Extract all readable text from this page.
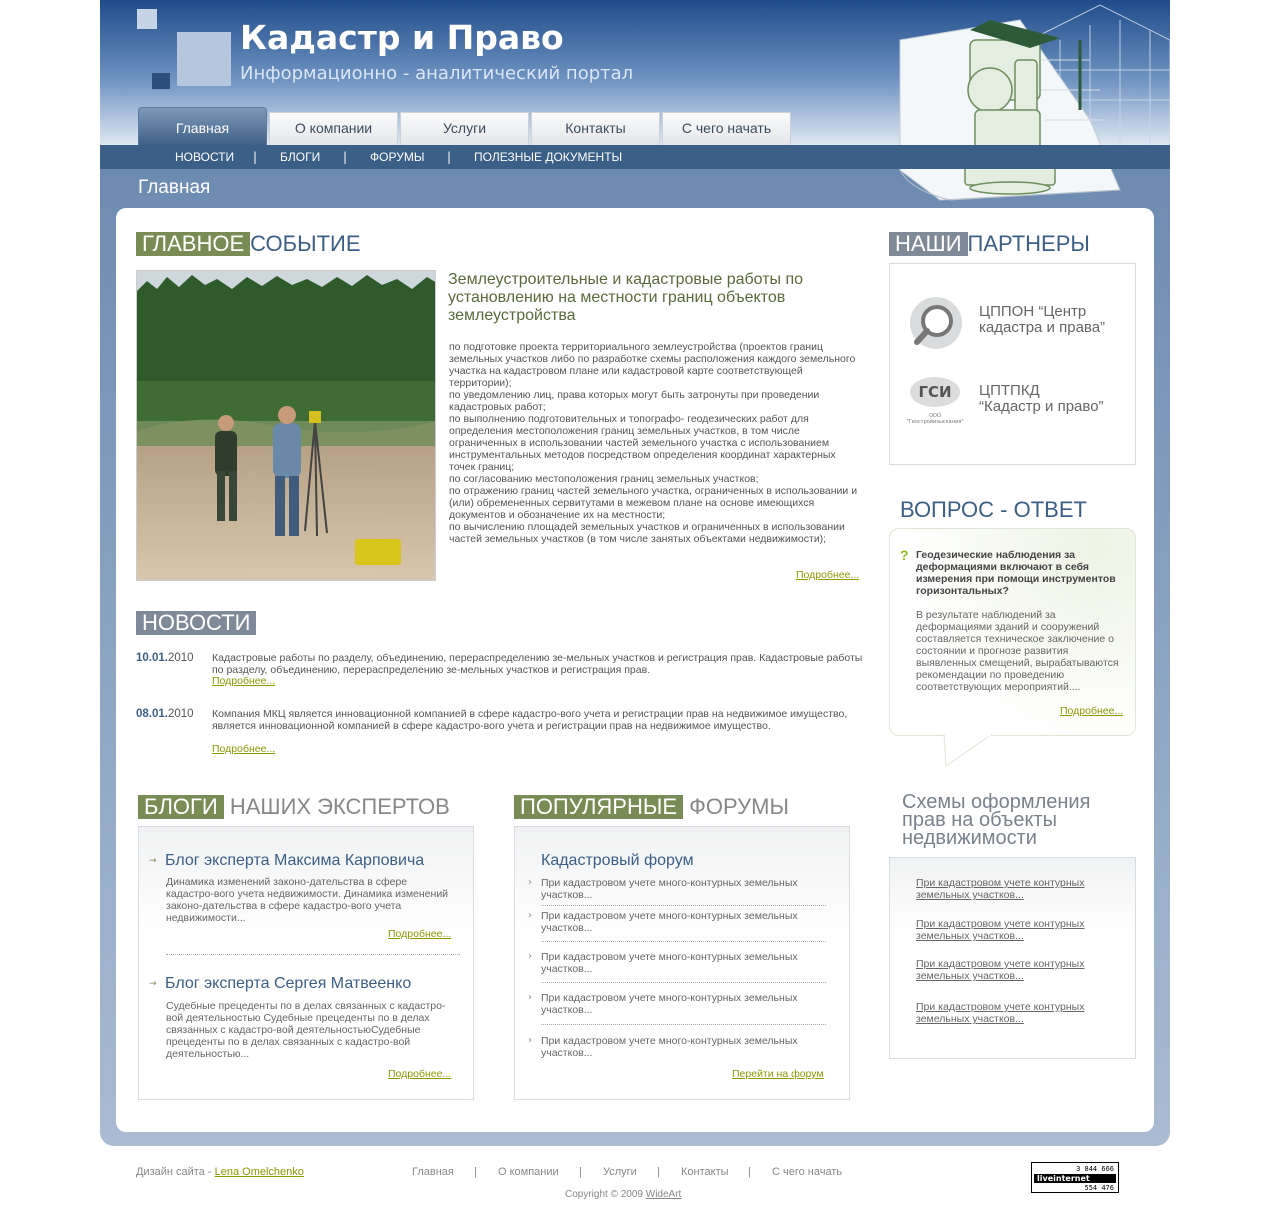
Кадастр и Право
Информационно - аналитический портал
Главная	О компании	Услуги	Контакты	С чего начать
НОВОСТИ | БЛОГИ | ФОРУМЫ | ПОЛЕЗНЫЕ ДОКУМЕНТЫ
Главная
ГЛАВНОЕ СОБЫТИЕ
Землеустроительные и кадастровые работы по установлению на местности границ объектов землеустройства
по подготовке проекта территориального землеустройства (проектов границ земельных участков либо по разработке схемы расположения каждого земельного участка на кадастровом плане или кадастровой карте соответствующей территории);
по уведомлению лиц, права которых могут быть затронуты при проведении кадастровых работ;
по выполнению подготовительных и топографо- геодезических работ для определения местоположения границ земельных участков, в том числе ограниченных в использовании частей земельного участка с использованием инструментальных методов посредством определения координат характерных точек границ;
по согласованию местоположения границ земельных участков;
по отражению границ частей земельного участка, ограниченных в использовании и (или) обремененных сервитутами в межевом плане на основе имеющихся документов и обозначение их на местности;
по вычислению площадей земельных участков и ограниченных в использовании частей земельных участков (в том числе занятых объектами недвижимости);
Подробнее...
НОВОСТИ
10.01.2010 Кадастровые работы по разделу, объединению, перераспределению зе-мельных участков и регистрация прав. Кадастровые работы по разделу, объединению, перераспределению зе-мельных участков и регистрация прав.
Подробнее...
08.01.2010 Компания МКЦ является инновационной компанией в сфере кадастро-вого учета и регистрации прав на недвижимое имущество, является инновационной компанией в сфере кадастро-вого учета и регистрации прав на недвижимое имущество.
Подробнее...
НАШИ ПАРТНЕРЫ
ЦППОН “Центр
кадастра и права”
ГСИ
ООО "Геостройизыскания"
ЦПТПКД
“Кадастр и право”
ВОПРОС - ОТВЕТ
? Геодезические наблюдения за деформациями включают в себя измерения при помощи инструментов горизонтальных?
В результате наблюдений за деформациями зданий и сооружений составляется техническое заключение о состоянии и прогнозе развития выявленных смещений, вырабатываются рекомендации по проведению соответствующих мероприятий....
Подробнее...
БЛОГИ НАШИХ ЭКСПЕРТОВ
→ Блог эксперта Максима Карповича
Динамика изменений законо-дательства в сфере кадастро-вого учета недвижимости. Динамика изменений законо-дательства в сфере кадастро-вого учета недвижимости...
Подробнее...
→ Блог эксперта Сергея Матвеенко
Судебные прецеденты по в делах связанных с кадастро-вой деятельностью Судебные прецеденты по в делах связанных с кадастро-вой деятельностьюСудебные прецеденты по в делах связанных с кадастро-вой деятельностью...
Подробнее...
ПОПУЛЯРНЫЕ ФОРУМЫ
Кадастровый форум
› При кадастровом учете много-контурных земельных участков...
› При кадастровом учете много-контурных земельных участков...
› При кадастровом учете много-контурных земельных участков...
› При кадастровом учете много-контурных земельных участков...
› При кадастровом учете много-контурных земельных участков...
Перейти на форум
Схемы оформления прав на объекты недвижимости
При кадастровом учете контурных земельных участков...
При кадастровом учете контурных земельных участков...
При кадастровом учете контурных земельных участков...
При кадастровом учете контурных земельных участков...
Дизайн сайта - Lena Omelchenko	Главная | О компании | Услуги | Контакты | С чего начать
Copyright © 2009 WideArt
3 844 666
liveinternet
554 476
